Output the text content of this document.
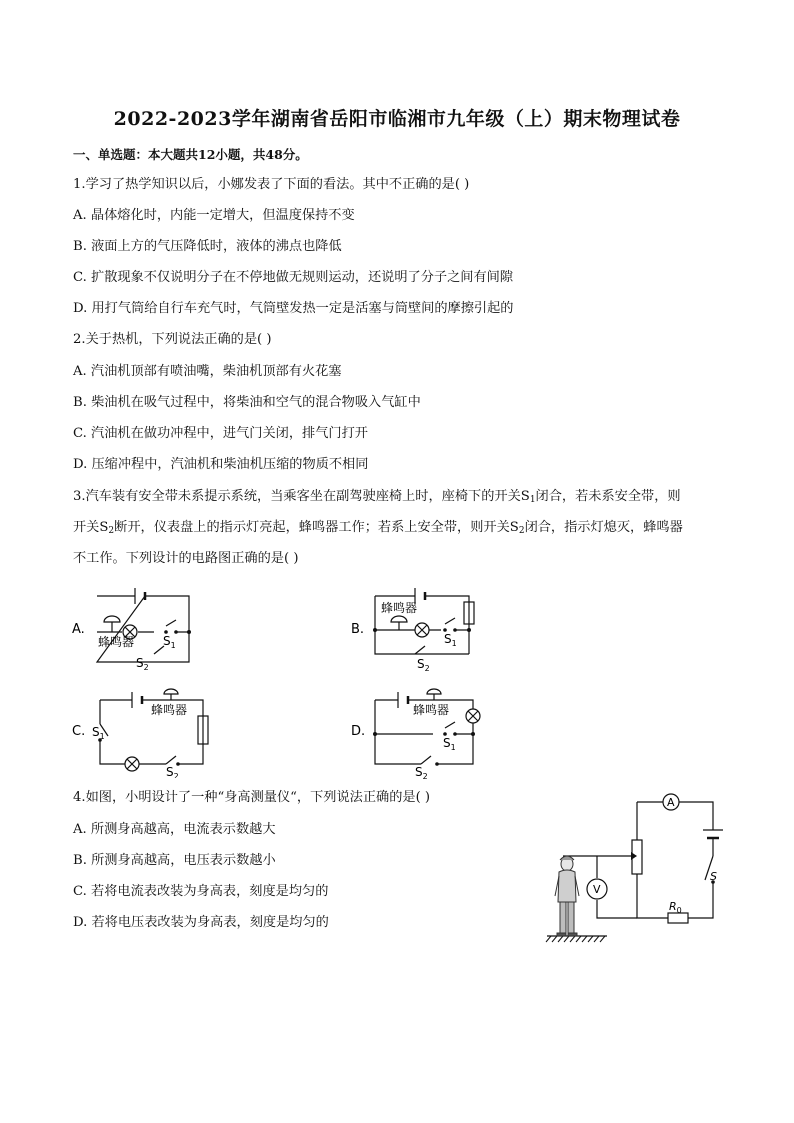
2022-2023学年湖南省岳阳市临湘市九年级（上）期末物理试卷
一、单选题：本大题共12小题，共48分。
1.学习了热学知识以后，小娜发表了下面的看法。其中不正确的是( )
A. 晶体熔化时，内能一定增大，但温度保持不变
B. 液面上方的气压降低时，液体的沸点也降低
C. 扩散现象不仅说明分子在不停地做无规则运动，还说明了分子之间有间隙
D. 用打气筒给自行车充气时，气筒壁发热一定是活塞与筒壁间的摩擦引起的
2.关于热机，下列说法正确的是( )
A. 汽油机顶部有喷油嘴，柴油机顶部有火花塞
B. 柴油机在吸气过程中，将柴油和空气的混合物吸入气缸中
C. 汽油机在做功冲程中，进气门关闭，排气门打开
D. 压缩冲程中，汽油机和柴油机压缩的物质不相同
3.汽车装有安全带未系提示系统，当乘客坐在副驾驶座椅上时，座椅下的开关$S_1$闭合，若未系安全带，则
开关$S_2$断开，仪表盘上的指示灯亮起，蜂鸣器工作；若系上安全带，则开关$S_2$闭合，指示灯熄灭，蜂鸣器
不工作。下列设计的电路图正确的是( )
A.
蜂鸣器 $S_1$
$S_2$
B.
蜂鸣器
$S_1$
$S_2$
C.
蜂鸣器
$S_1$
$S_2$
D.
蜂鸣器
$S_1$
$S_2$
4.如图，小明设计了一种“身高测量仪“，下列说法正确的是( )
A. 所测身高越高，电流表示数越大
B. 所测身高越高，电压表示数越小
C. 若将电流表改装为身高表，刻度是均匀的
D. 若将电压表改装为身高表，刻度是均匀的
A
V
S
$R_0$
